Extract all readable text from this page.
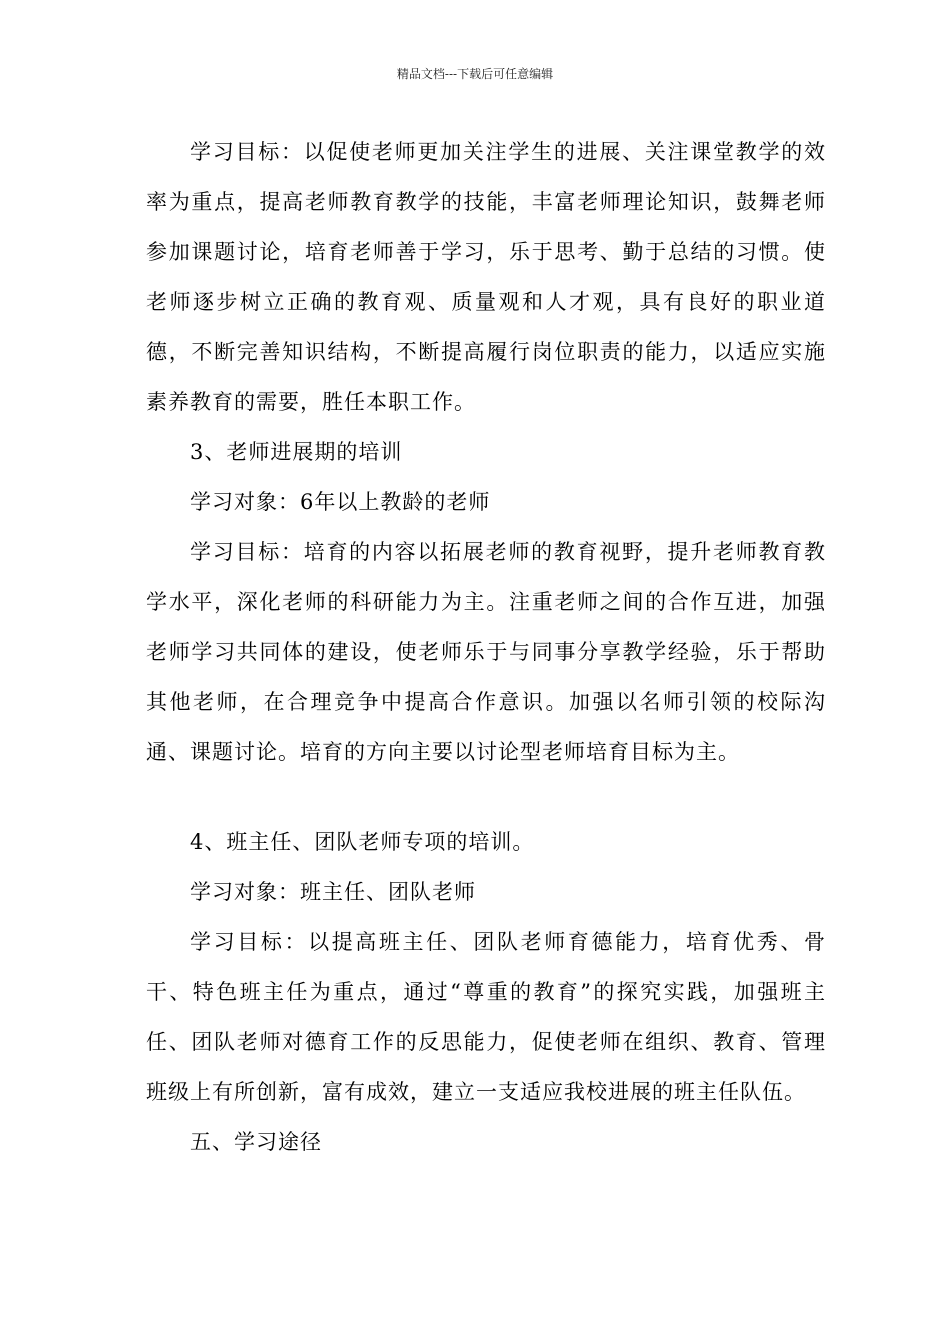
精品文档---下载后可任意编辑

学习目标：以促使老师更加关注学生的进展、关注课堂教学的效率为重点，提高老师教育教学的技能，丰富老师理论知识，鼓舞老师参加课题讨论，培育老师善于学习，乐于思考、勤于总结的习惯。使老师逐步树立正确的教育观、质量观和人才观，具有良好的职业道德，不断完善知识结构，不断提高履行岗位职责的能力，以适应实施素养教育的需要，胜任本职工作。

3、老师进展期的培训

学习对象：6年以上教龄的老师

学习目标：培育的内容以拓展老师的教育视野，提升老师教育教学水平，深化老师的科研能力为主。注重老师之间的合作互进，加强老师学习共同体的建设，使老师乐于与同事分享教学经验，乐于帮助其他老师，在合理竞争中提高合作意识。加强以名师引领的校际沟通、课题讨论。培育的方向主要以讨论型老师培育目标为主。

4、班主任、团队老师专项的培训。

学习对象：班主任、团队老师

学习目标：以提高班主任、团队老师育德能力，培育优秀、骨干、特色班主任为重点，通过“尊重的教育”的探究实践，加强班主任、团队老师对德育工作的反思能力，促使老师在组织、教育、管理班级上有所创新，富有成效，建立一支适应我校进展的班主任队伍。

五、学习途径
